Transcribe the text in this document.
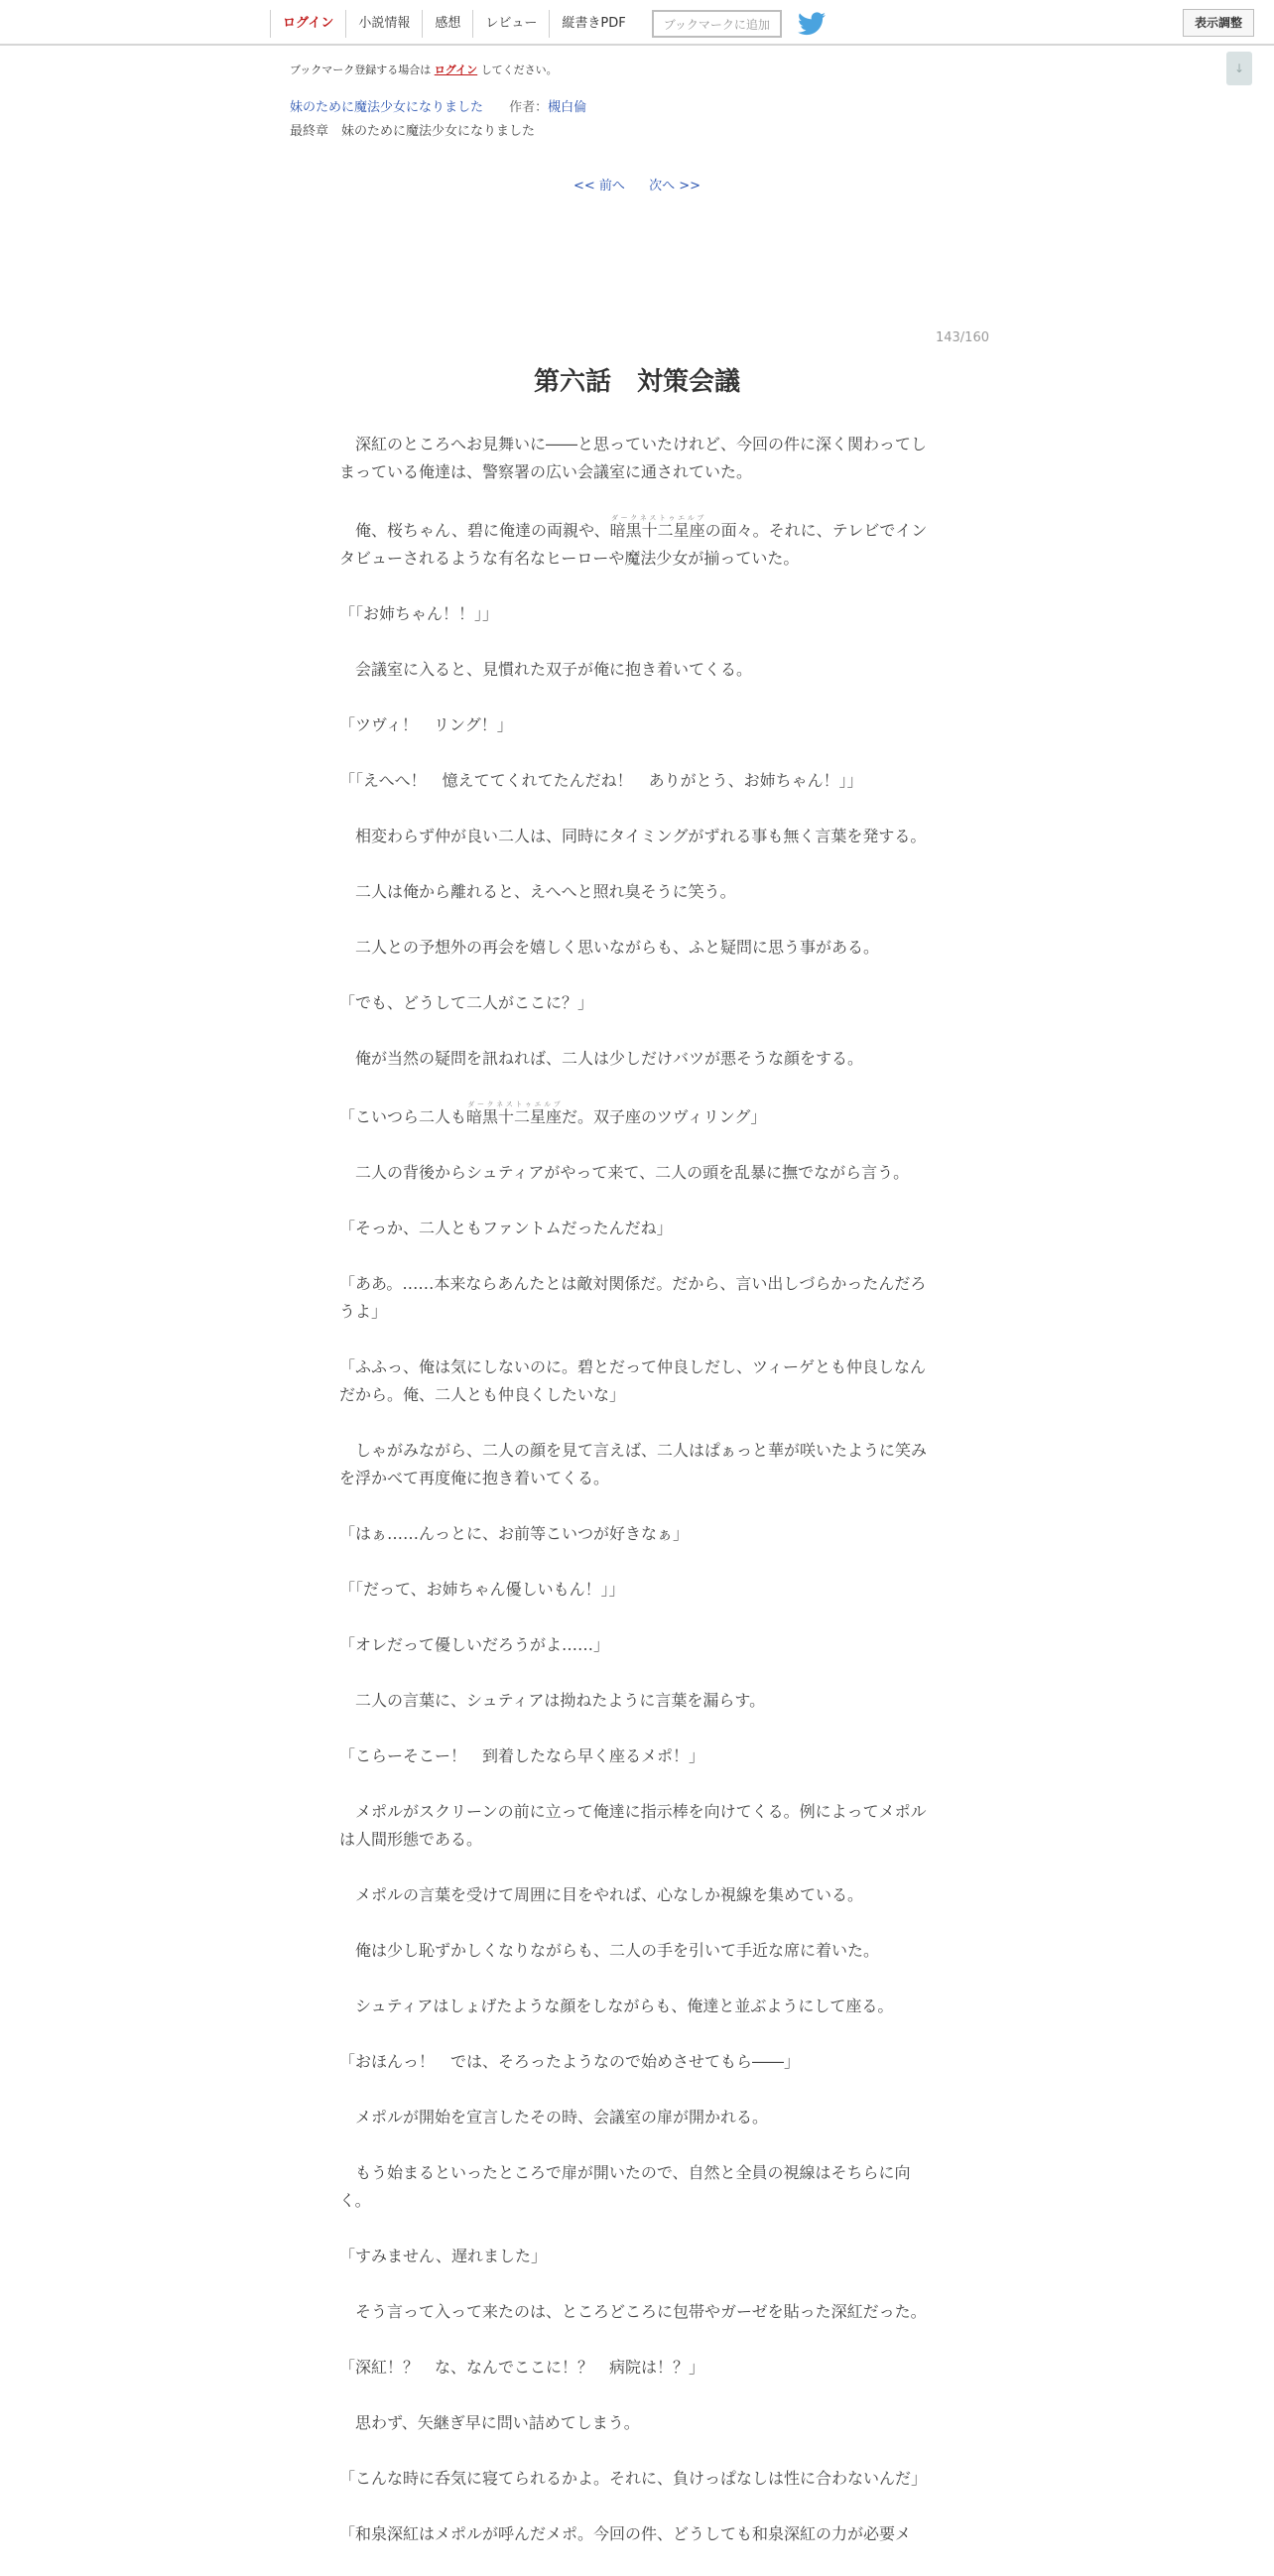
ログイン	小説情報	感想	レビュー	縦書きPDF	ブックマークに追加	表示調整
↓
ブックマーク登録する場合は ログイン してください。
妹のために魔法少女になりました 作者：槻白倫
最終章　妹のために魔法少女になりました
<< 前へ 次へ >>
143/160
第六話　対策会議

　深紅のところへお見舞いに――と思っていたけれど、今回の件に深く関わってしまっている俺達は、警察署の広い会議室に通されていた。

　俺、桜ちゃん、碧に俺達の両親や、暗黒十二星座ダークネストゥエルブの面々。それに、テレビでインタビューされるような有名なヒーローや魔法少女が揃っていた。

「「お姉ちゃん！！」」

　会議室に入ると、見慣れた双子が俺に抱き着いてくる。

「ツヴィ！　リング！」

「「えへへ！　憶えててくれてたんだね！　ありがとう、お姉ちゃん！」」

　相変わらず仲が良い二人は、同時にタイミングがずれる事も無く言葉を発する。

　二人は俺から離れると、えへへと照れ臭そうに笑う。

　二人との予想外の再会を嬉しく思いながらも、ふと疑問に思う事がある。

「でも、どうして二人がここに？」

　俺が当然の疑問を訊ねれば、二人は少しだけバツが悪そうな顔をする。

「こいつら二人も暗黒十二星座ダークネストゥエルブだ。双子座のツヴィリング」

　二人の背後からシュティアがやって来て、二人の頭を乱暴に撫でながら言う。

「そっか、二人ともファントムだったんだね」

「ああ。……本来ならあんたとは敵対関係だ。だから、言い出しづらかったんだろうよ」

「ふふっ、俺は気にしないのに。碧とだって仲良しだし、ツィーゲとも仲良しなんだから。俺、二人とも仲良くしたいな」

　しゃがみながら、二人の顔を見て言えば、二人はぱぁっと華が咲いたように笑みを浮かべて再度俺に抱き着いてくる。

「はぁ……んっとに、お前等こいつが好きなぁ」

「「だって、お姉ちゃん優しいもん！」」

「オレだって優しいだろうがよ……」

　二人の言葉に、シュティアは拗ねたように言葉を漏らす。

「こらーそこー！　到着したなら早く座るメポ！」

　メポルがスクリーンの前に立って俺達に指示棒を向けてくる。例によってメポルは人間形態である。

　メポルの言葉を受けて周囲に目をやれば、心なしか視線を集めている。

　俺は少し恥ずかしくなりながらも、二人の手を引いて手近な席に着いた。

　シュティアはしょげたような顔をしながらも、俺達と並ぶようにして座る。

「おほんっ！　では、そろったようなので始めさせてもら――」

　メポルが開始を宣言したその時、会議室の扉が開かれる。

　もう始まるといったところで扉が開いたので、自然と全員の視線はそちらに向く。

「すみません、遅れました」

　そう言って入って来たのは、ところどころに包帯やガーゼを貼った深紅だった。

「深紅！？　な、なんでここに！？　病院は！？」

　思わず、矢継ぎ早に問い詰めてしまう。

「こんな時に呑気に寝てられるかよ。それに、負けっぱなしは性に合わないんだ」

「和泉深紅はメポルが呼んだメポ。今回の件、どうしても和泉深紅の力が必要メ
